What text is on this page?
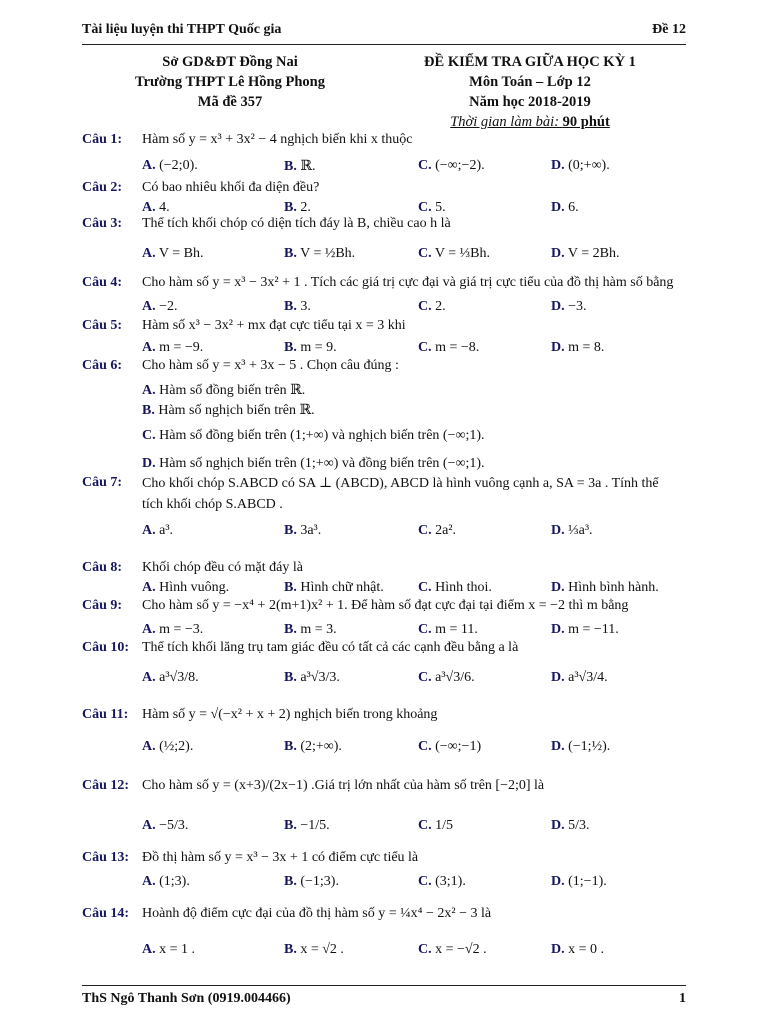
Tài liệu luyện thi THPT Quốc gia	Đề 12
Sở GD&ĐT Đồng Nai
Trường THPT Lê Hồng Phong
Mã đề 357
ĐỀ KIỂM TRA GIỮA HỌC KỲ 1
Môn Toán – Lớp 12
Năm học 2018-2019
Thời gian làm bài: 90 phút
Câu 1: Hàm số y = x³ + 3x² − 4 nghịch biến khi x thuộc
A. (−2;0).	B. ℝ.	C. (−∞;−2).	D. (0;+∞).
Câu 2: Có bao nhiêu khối đa diện đều?
A. 4.	B. 2.	C. 5.	D. 6.
Câu 3: Thể tích khối chóp có diện tích đáy là B, chiều cao h là
A. V = Bh.	B. V = ½Bh.	C. V = ⅓Bh.	D. V = 2Bh.
Câu 4: Cho hàm số y = x³ − 3x² + 1 . Tích các giá trị cực đại và giá trị cực tiểu của đồ thị hàm số bằng
A. −2.	B. 3.	C. 2.	D. −3.
Câu 5: Hàm số x³ − 3x² + mx đạt cực tiểu tại x = 3 khi
A. m = −9.	B. m = 9.	C. m = −8.	D. m = 8.
Câu 6: Cho hàm số y = x³ + 3x − 5 . Chọn câu đúng :
A. Hàm số đồng biến trên ℝ.
B. Hàm số nghịch biến trên ℝ.
C. Hàm số đồng biến trên (1;+∞) và nghịch biến trên (−∞;1).
D. Hàm số nghịch biến trên (1;+∞) và đồng biến trên (−∞;1).
Câu 7: Cho khối chóp S.ABCD có SA ⊥ (ABCD), ABCD là hình vuông cạnh a, SA = 3a . Tính thể
tích khối chóp S.ABCD .
A. a³.	B. 3a³.	C. 2a².	D. ⅓a³.
Câu 8: Khối chóp đều có mặt đáy là
A. Hình vuông.	B. Hình chữ nhật. C. Hình thoi.	D. Hình bình hành.
Câu 9: Cho hàm số y = −x⁴ + 2(m+1)x² + 1. Để hàm số đạt cực đại tại điểm x = −2 thì m bằng
A. m = −3.	B. m = 3.	C. m = 11.	D. m = −11.
Câu 10: Thể tích khối lăng trụ tam giác đều có tất cả các cạnh đều bằng a là
A. a³√3/8.	B. a³√3/3.	C. a³√3/6.	D. a³√3/4.
Câu 11: Hàm số y = √(−x² + x + 2) nghịch biến trong khoảng
A. (½;2).	B. (2;+∞).	C. (−∞;−1)	D. (−1;½).
Câu 12: Cho hàm số y = (x+3)/(2x−1) .Giá trị lớn nhất của hàm số trên [−2;0] là
A. −5/3.	B. −1/5.	C. 1/5	D. 5/3.
Câu 13: Đồ thị hàm số y = x³ − 3x + 1 có điểm cực tiểu là
A. (1;3).	B. (−1;3).	C. (3;1).	D. (1;−1).
Câu 14: Hoành độ điểm cực đại của đồ thị hàm số y = ¼x⁴ − 2x² − 3 là
A. x = 1 .	B. x = √2 .	C. x = −√2 .	D. x = 0 .
ThS Ngô Thanh Sơn (0919.004466)	1
